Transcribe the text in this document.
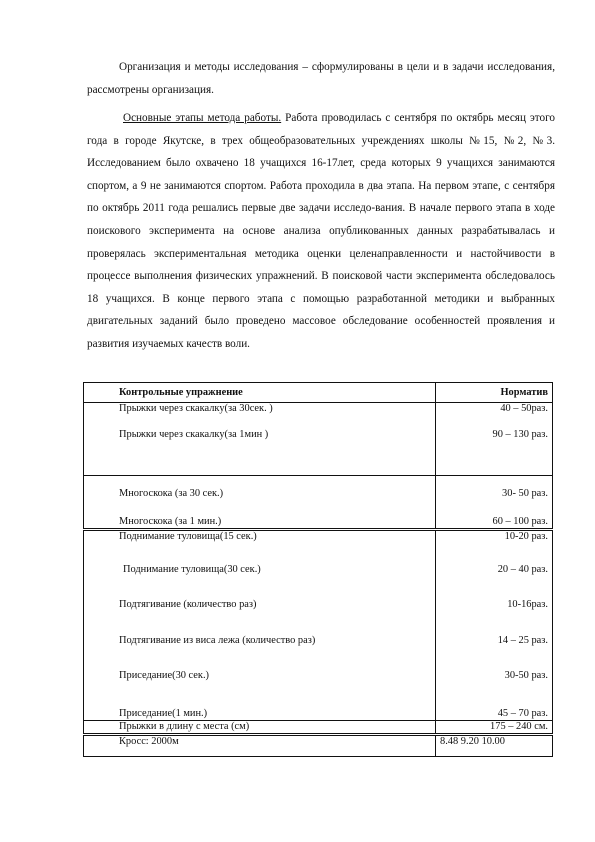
Организация и методы исследования – сформулированы в цели и в задачи исследования, рассмотрены организация.

Основные этапы метода работы. Работа проводилась с сентября по октябрь месяц этого года в городе Якутске, в трех общеобразовательных учреждениях школы №15, №2, №3. Исследованием было охвачено 18 учащихся 16-17лет, среда которых 9 учащихся занимаются спортом, а 9 не занимаются спортом. Работа проходила в два этапа. На первом этапе, с сентября по октябрь 2011 года решались первые две задачи исследо-вания. В начале первого этапа в ходе поискового эксперимента на основе анализа опубликованных данных разрабатывалась и проверялась экспериментальная методика оценки целенаправленности и настойчивости в процессе выполнения физических упражнений. В поисковой части эксперимента обследовалось 18 учащихся. В конце первого этапа с помощью разработанной методики и выбранных двигательных заданий было проведено массовое обследование особенностей проявления и развития изучаемых качеств воли.

Контрольные упражнение	Норматив
Прыжки через скакалку(за 30сек. )	40 – 50раз.
Прыжки через скакалку(за 1мин )	90 – 130 раз.
Многоскока (за 30 сек.)	30- 50 раз.
Многоскока (за 1 мин.)	60 – 100 раз.
Поднимание туловища(15 сек.)	10-20 раз.
Поднимание туловища(30 сек.)	20 – 40 раз.
Подтягивание (количество раз)	10-16раз.
Подтягивание из виса лежа (количество раз)	14 – 25 раз.
Приседание(30 сек.)	30-50 раз.
Приседание(1 мин.)	45 – 70 раз.
Прыжки в длину с места (см)	175 – 240 см.
Кросс: 2000м	8.48 9.20 10.00
